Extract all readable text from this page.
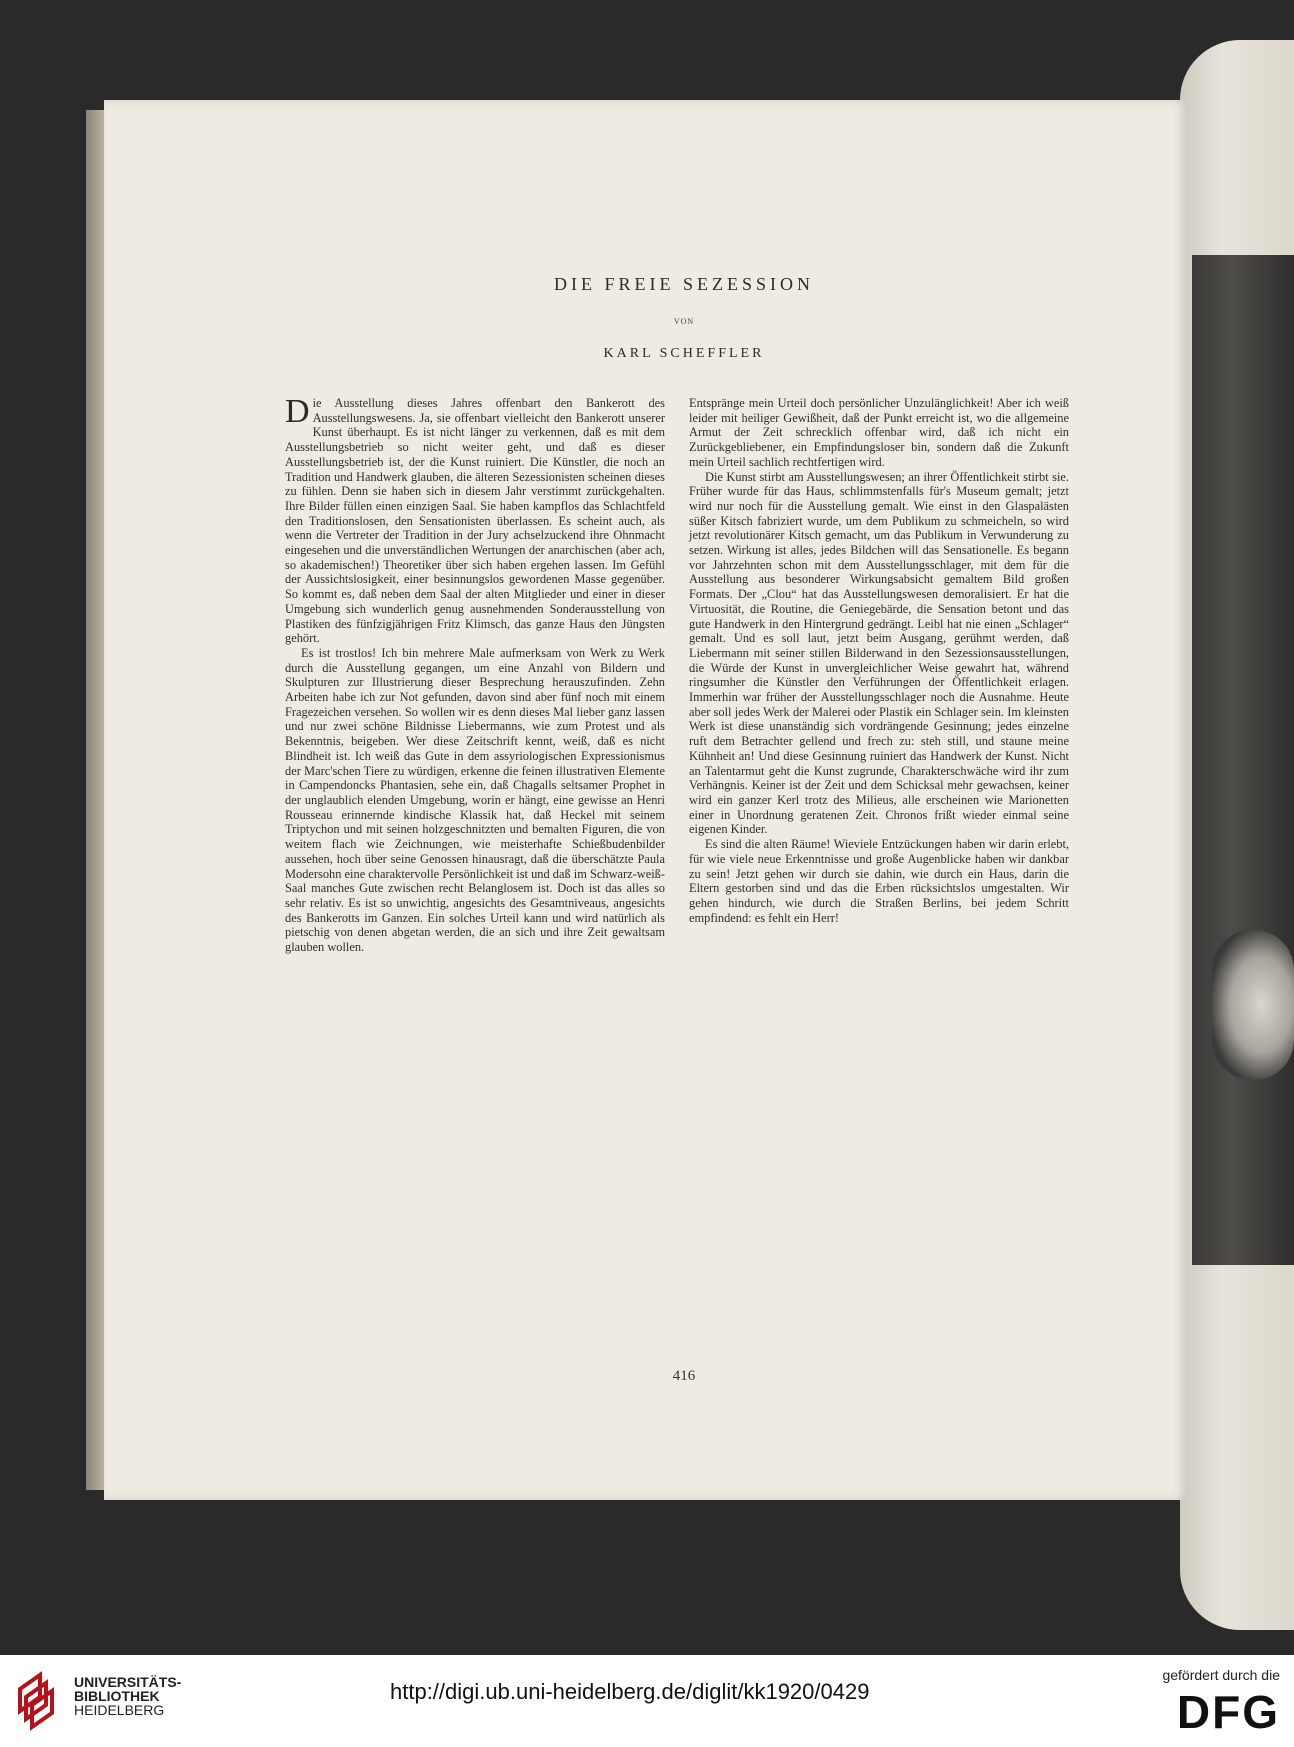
DIE FREIE SEZESSION

VON

KARL SCHEFFLER

Die Ausstellung dieses Jahres offenbart den Bankerott des Ausstellungswesens. Ja, sie offenbart vielleicht den Bankerott unserer Kunst überhaupt. Es ist nicht länger zu verkennen, daß es mit dem Ausstellungsbetrieb so nicht weiter geht, und daß es dieser Ausstellungsbetrieb ist, der die Kunst ruiniert. Die Künstler, die noch an Tradition und Handwerk glauben, die älteren Sezessionisten scheinen dieses zu fühlen. Denn sie haben sich in diesem Jahr verstimmt zurückgehalten. Ihre Bilder füllen einen einzigen Saal. Sie haben kampflos das Schlachtfeld den Traditionslosen, den Sensationisten überlassen. Es scheint auch, als wenn die Vertreter der Tradition in der Jury achselzuckend ihre Ohnmacht eingesehen und die unverständlichen Wertungen der anarchischen (aber ach, so akademischen!) Theoretiker über sich haben ergehen lassen. Im Gefühl der Aussichtslosigkeit, einer besinnungslos gewordenen Masse gegenüber. So kommt es, daß neben dem Saal der alten Mitglieder und einer in dieser Umgebung sich wunderlich genug ausnehmenden Sonderausstellung von Plastiken des fünfzigjährigen Fritz Klimsch, das ganze Haus den Jüngsten gehört.

Es ist trostlos! Ich bin mehrere Male aufmerksam von Werk zu Werk durch die Ausstellung gegangen, um eine Anzahl von Bildern und Skulpturen zur Illustrierung dieser Besprechung herauszufinden. Zehn Arbeiten habe ich zur Not gefunden, davon sind aber fünf noch mit einem Fragezeichen versehen. So wollen wir es denn dieses Mal lieber ganz lassen und nur zwei schöne Bildnisse Liebermanns, wie zum Protest und als Bekenntnis, beigeben. Wer diese Zeitschrift kennt, weiß, daß es nicht Blindheit ist. Ich weiß das Gute in dem assyriologischen Expressionismus der Marc'schen Tiere zu würdigen, erkenne die feinen illustrativen Elemente in Campendoncks Phantasien, sehe ein, daß Chagalls seltsamer Prophet in der unglaublich elenden Umgebung, worin er hängt, eine gewisse an Henri Rousseau erinnernde kindische Klassik hat, daß Heckel mit seinem Triptychon und mit seinen holzgeschnitzten und bemalten Figuren, die von weitem flach wie Zeichnungen, wie meisterhafte Schießbudenbilder aussehen, hoch über seine Genossen hinausragt, daß die überschätzte Paula Modersohn eine charaktervolle Persönlichkeit ist und daß im Schwarz-weiß-Saal manches Gute zwischen recht Belanglosem ist. Doch ist das alles so sehr relativ. Es ist so unwichtig, angesichts des Gesamtniveaus, angesichts des Bankerotts im Ganzen. Ein solches Urteil kann und wird natürlich als pietschig von denen abgetan werden, die an sich und ihre Zeit gewaltsam glauben wollen.

Entspränge mein Urteil doch persönlicher Unzulänglichkeit! Aber ich weiß leider mit heiliger Gewißheit, daß der Punkt erreicht ist, wo die allgemeine Armut der Zeit schrecklich offenbar wird, daß ich nicht ein Zurückgebliebener, ein Empfindungsloser bin, sondern daß die Zukunft mein Urteil sachlich rechtfertigen wird.

Die Kunst stirbt am Ausstellungswesen; an ihrer Öffentlichkeit stirbt sie. Früher wurde für das Haus, schlimmstenfalls für's Museum gemalt; jetzt wird nur noch für die Ausstellung gemalt. Wie einst in den Glaspalästen süßer Kitsch fabriziert wurde, um dem Publikum zu schmeicheln, so wird jetzt revolutionärer Kitsch gemacht, um das Publikum in Verwunderung zu setzen. Wirkung ist alles, jedes Bildchen will das Sensationelle. Es begann vor Jahrzehnten schon mit dem Ausstellungsschlager, mit dem für die Ausstellung aus besonderer Wirkungsabsicht gemaltem Bild großen Formats. Der „Clou“ hat das Ausstellungswesen demoralisiert. Er hat die Virtuosität, die Routine, die Geniegebärde, die Sensation betont und das gute Handwerk in den Hintergrund gedrängt. Leibl hat nie einen „Schlager“ gemalt. Und es soll laut, jetzt beim Ausgang, gerühmt werden, daß Liebermann mit seiner stillen Bilderwand in den Sezessionsausstellungen, die Würde der Kunst in unvergleichlicher Weise gewahrt hat, während ringsumher die Künstler den Verführungen der Öffentlichkeit erlagen. Immerhin war früher der Ausstellungsschlager noch die Ausnahme. Heute aber soll jedes Werk der Malerei oder Plastik ein Schlager sein. Im kleinsten Werk ist diese unanständig sich vordrängende Gesinnung; jedes einzelne ruft dem Betrachter gellend und frech zu: steh still, und staune meine Kühnheit an! Und diese Gesinnung ruiniert das Handwerk der Kunst. Nicht an Talentarmut geht die Kunst zugrunde, Charakterschwäche wird ihr zum Verhängnis. Keiner ist der Zeit und dem Schicksal mehr gewachsen, keiner wird ein ganzer Kerl trotz des Milieus, alle erscheinen wie Marionetten einer in Unordnung geratenen Zeit. Chronos frißt wieder einmal seine eigenen Kinder.

Es sind die alten Räume! Wieviele Entzückungen haben wir darin erlebt, für wie viele neue Erkenntnisse und große Augenblicke haben wir dankbar zu sein! Jetzt gehen wir durch sie dahin, wie durch ein Haus, darin die Eltern gestorben sind und das die Erben rücksichtslos umgestalten. Wir gehen hindurch, wie durch die Straßen Berlins, bei jedem Schritt empfindend: es fehlt ein Herr!

416

UNIVERSITÄTS-
BIBLIOTHEK
HEIDELBERG
http://digi.ub.uni-heidelberg.de/diglit/kk1920/0429
gefördert durch die
DFG
